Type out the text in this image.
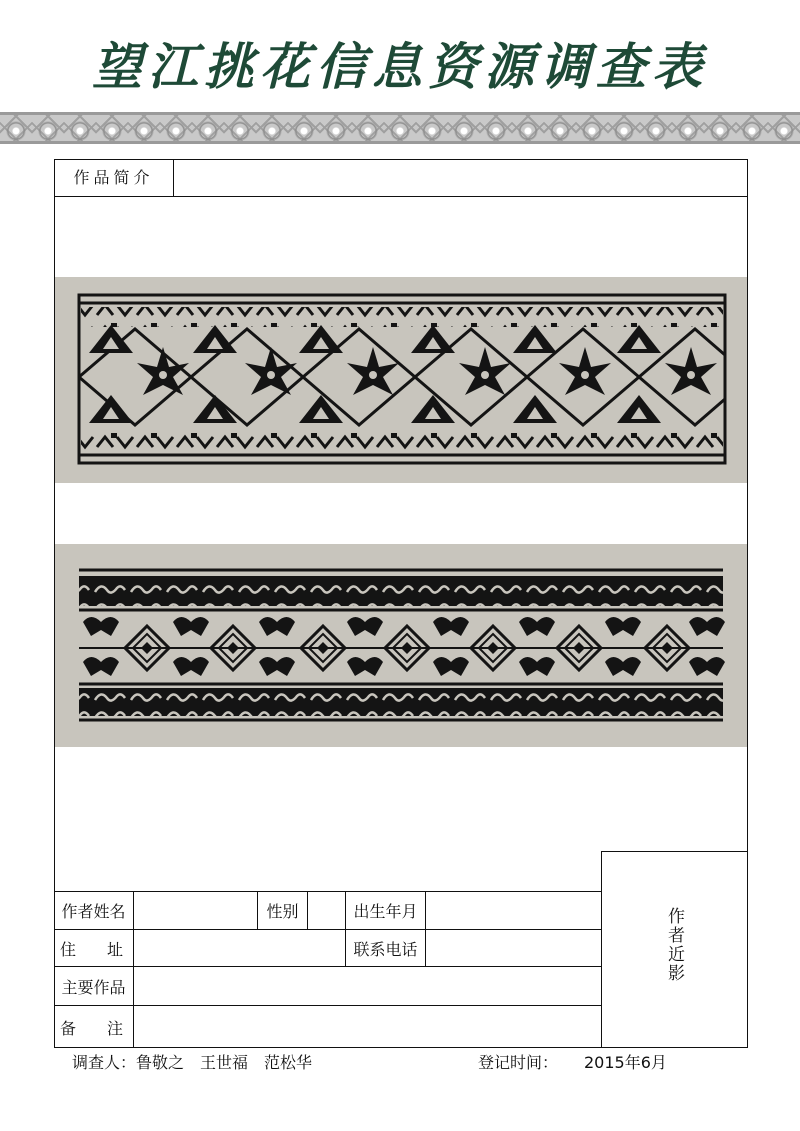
望江挑花信息资源调查表
作品简介
作者近影
作者姓名	性别	出生年月
住 址	联系电话
主要作品
备 注
调查人：鲁敬之　王世福　范松华	登记时间： 2015年6月
